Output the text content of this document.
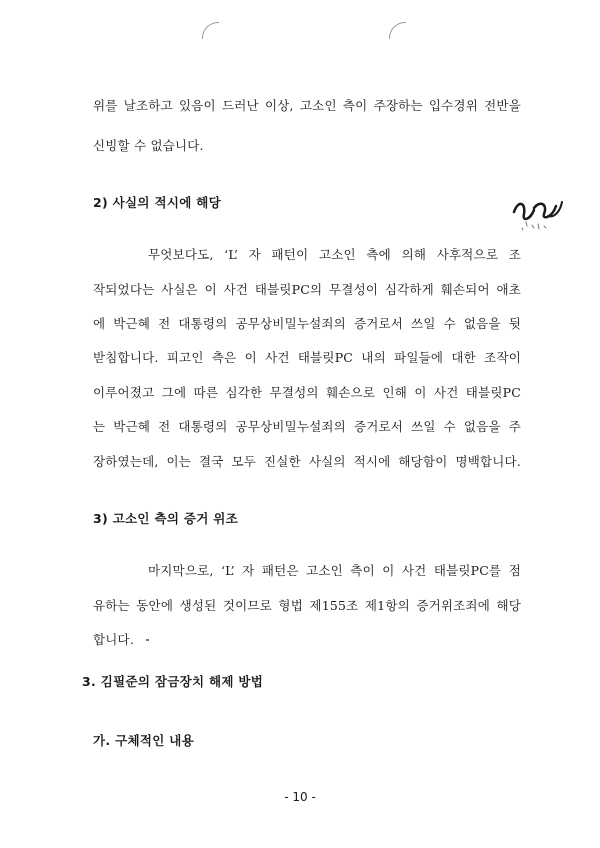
위를 날조하고 있음이 드러난 이상, 고소인 측이 주장하는 입수경위 전반을
신빙할 수 없습니다.
2) 사실의 적시에 해당
무엇보다도, ‘L’ 자 패턴이 고소인 측에 의해 사후적으로 조
작되었다는 사실은 이 사건 태블릿PC의 무결성이 심각하게 훼손되어 애초
에 박근혜 전 대통령의 공무상비밀누설죄의 증거로서 쓰일 수 없음을 뒷
받침합니다. 피고인 측은 이 사건 태블릿PC 내의 파일들에 대한 조작이
이루어졌고 그에 따른 심각한 무결성의 훼손으로 인해 이 사건 태블릿PC
는 박근혜 전 대통령의 공무상비밀누설죄의 증거로서 쓰일 수 없음을 주
장하였는데, 이는 결국 모두 진실한 사실의 적시에 해당함이 명백합니다.
3) 고소인 측의 증거 위조
마지막으로, ‘L’ 자 패턴은 고소인 측이 이 사건 태블릿PC를 점
유하는 동안에 생성된 것이므로 형법 제155조 제1항의 증거위조죄에 해당
합니다.
3. 김필준의 잠금장치 해제 방법
가. 구체적인 내용
- 10 -
